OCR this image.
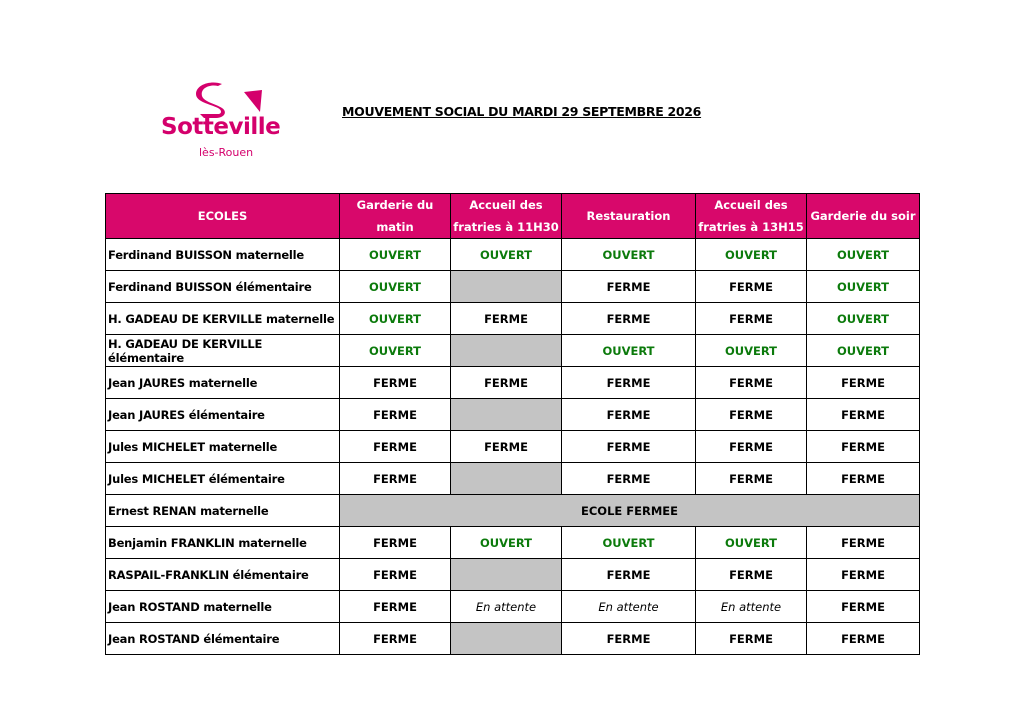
Sotteville
lès-Rouen
MOUVEMENT SOCIAL DU MARDI 29 SEPTEMBRE 2026
ECOLES	Garderie du matin	Accueil des fratries à 11H30	Restauration	Accueil des fratries à 13H15	Garderie du soir
Ferdinand BUISSON maternelle	OUVERT	OUVERT	OUVERT	OUVERT	OUVERT
Ferdinand BUISSON élémentaire	OUVERT		FERME	FERME	OUVERT
H. GADEAU DE KERVILLE maternelle	OUVERT	FERME	FERME	FERME	OUVERT
H. GADEAU DE KERVILLE élémentaire	OUVERT		OUVERT	OUVERT	OUVERT
Jean JAURES maternelle	FERME	FERME	FERME	FERME	FERME
Jean JAURES élémentaire	FERME		FERME	FERME	FERME
Jules MICHELET maternelle	FERME	FERME	FERME	FERME	FERME
Jules MICHELET élémentaire	FERME		FERME	FERME	FERME
Ernest RENAN maternelle	ECOLE FERMEE				
Benjamin FRANKLIN maternelle	FERME	OUVERT	OUVERT	OUVERT	FERME
RASPAIL-FRANKLIN élémentaire	FERME		FERME	FERME	FERME
Jean ROSTAND maternelle	FERME	En attente	En attente	En attente	FERME
Jean ROSTAND élémentaire	FERME		FERME	FERME	FERME
